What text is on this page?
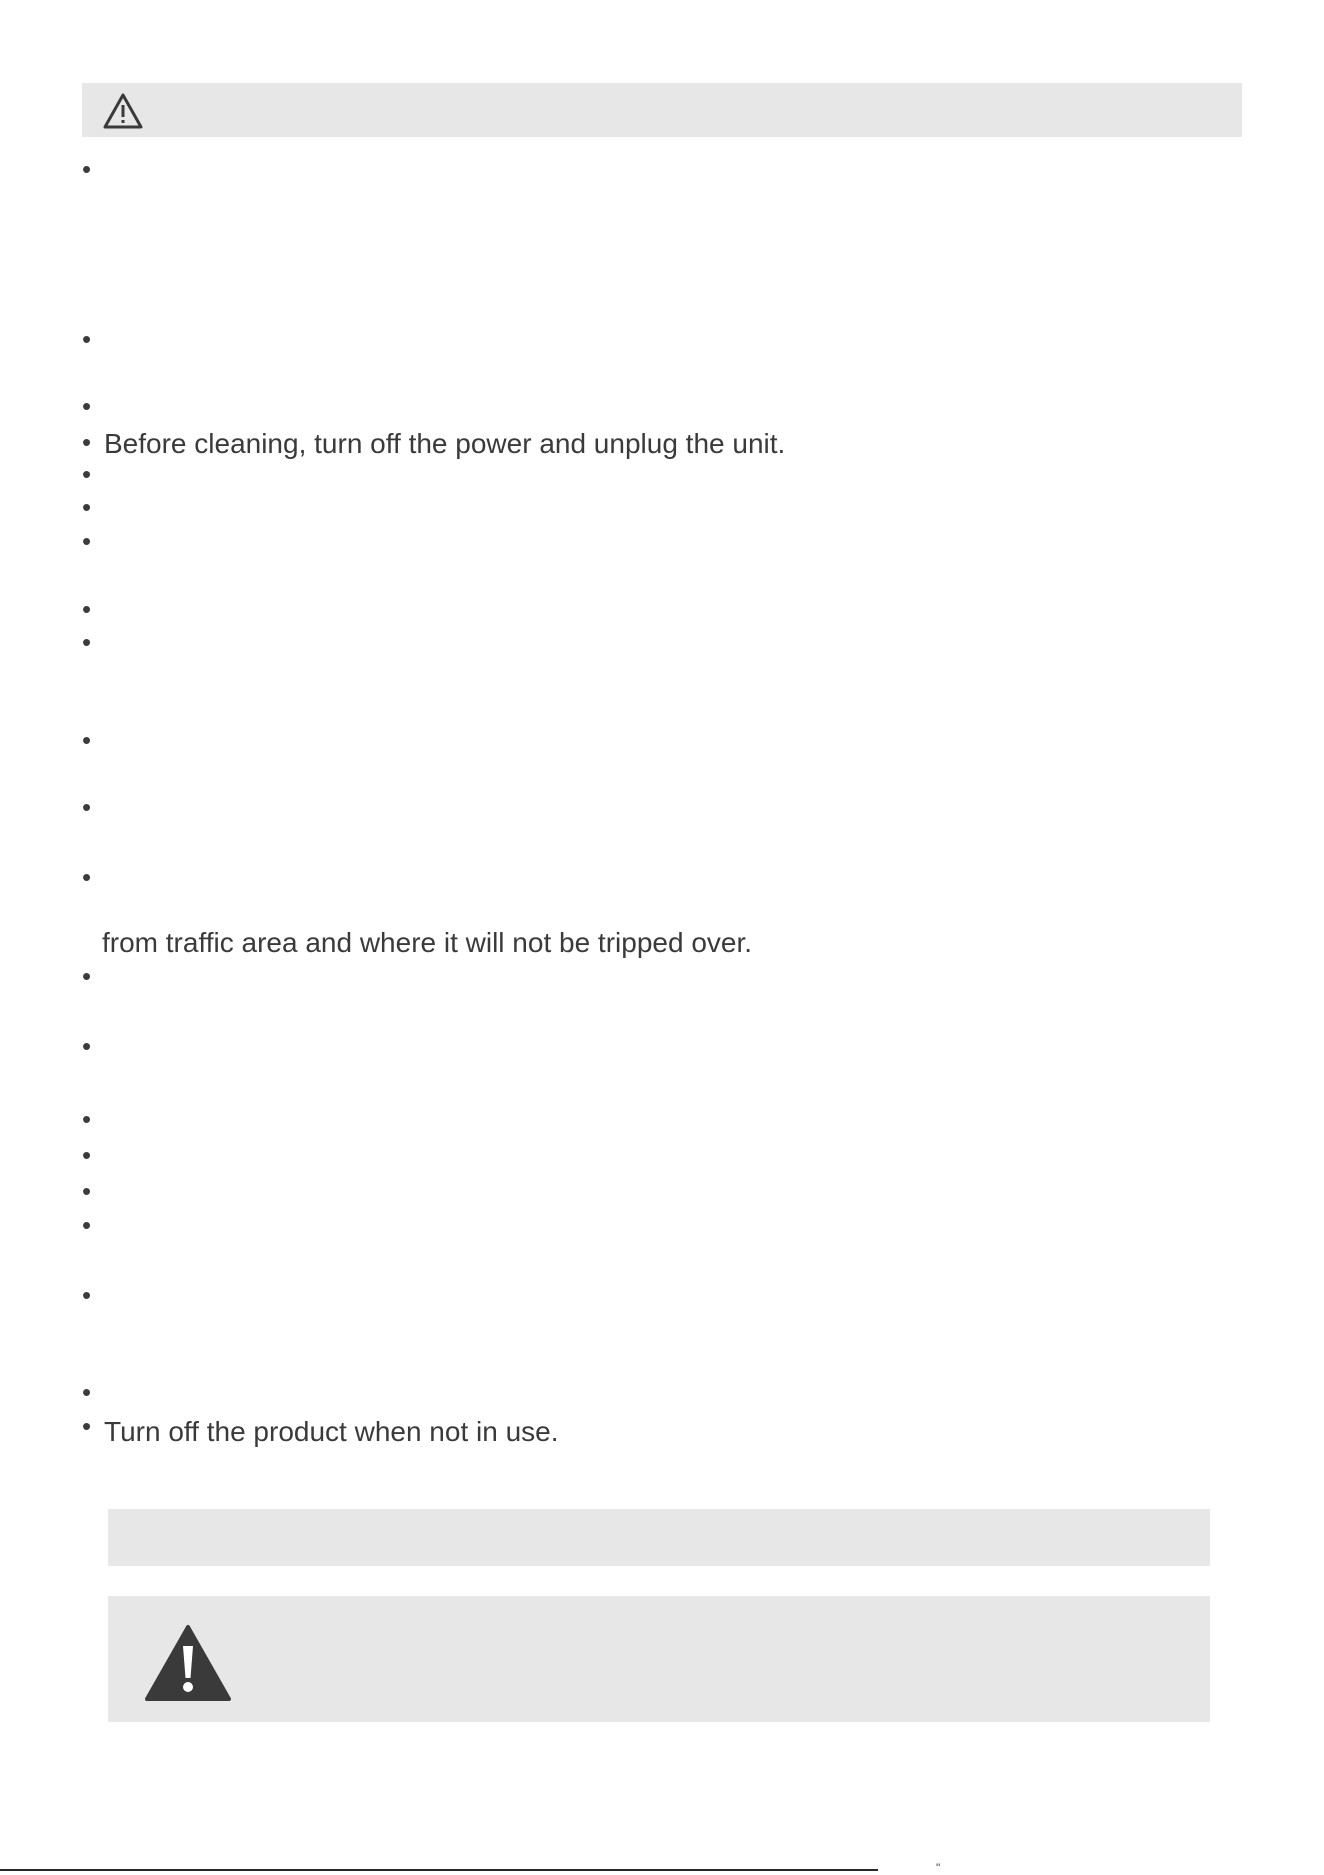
•
•
•
•
•
•
•
•
•
•
•
•
•
•
•
•
•
•
•
•
•
Before cleaning, turn off the power and unplug the unit.
from traffic area and where it will not be tripped over.
Turn off the product when not in use.
"
